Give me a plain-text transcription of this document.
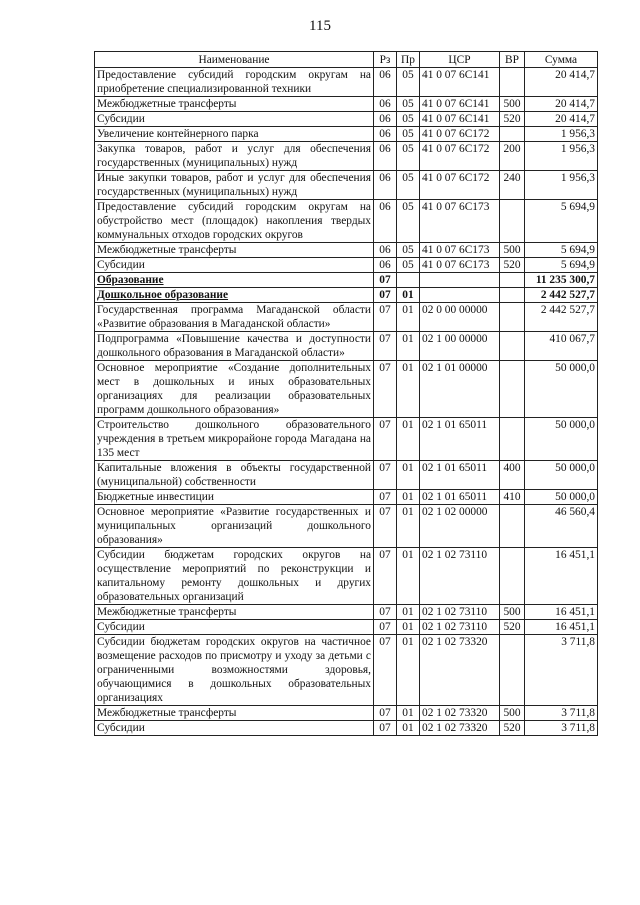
115
Наименование	Рз	Пр	ЦСР	ВР	Сумма
Предоставление субсидий городским округам на приобретение специализированной техники	06	05	41 0 07 6С141		20 414,7
Межбюджетные трансферты	06	05	41 0 07 6С141	500	20 414,7
Субсидии	06	05	41 0 07 6С141	520	20 414,7
Увеличение контейнерного парка	06	05	41 0 07 6С172		1 956,3
Закупка товаров, работ и услуг для обеспечения государственных (муниципальных) нужд	06	05	41 0 07 6С172	200	1 956,3
Иные закупки товаров, работ и услуг для обеспечения государственных (муниципальных) нужд	06	05	41 0 07 6С172	240	1 956,3
Предоставление субсидий городским округам на обустройство мест (площадок) накопления твердых коммунальных отходов городских округов	06	05	41 0 07 6С173		5 694,9
Межбюджетные трансферты	06	05	41 0 07 6С173	500	5 694,9
Субсидии	06	05	41 0 07 6С173	520	5 694,9
Образование	07				11 235 300,7
Дошкольное образование	07	01			2 442 527,7
Государственная программа Магаданской области «Развитие образования в Магаданской области»	07	01	02 0 00 00000		2 442 527,7
Подпрограмма «Повышение качества и доступности дошкольного образования в Магаданской области»	07	01	02 1 00 00000		410 067,7
Основное мероприятие «Создание дополнительных мест в дошкольных и иных образовательных организациях для реализации образовательных программ дошкольного образования»	07	01	02 1 01 00000		50 000,0
Строительство дошкольного образовательного учреждения в третьем микрорайоне города Магадана на 135 мест	07	01	02 1 01 65011		50 000,0
Капитальные вложения в объекты государственной (муниципальной) собственности	07	01	02 1 01 65011	400	50 000,0
Бюджетные инвестиции	07	01	02 1 01 65011	410	50 000,0
Основное мероприятие «Развитие государственных и муниципальных организаций дошкольного образования»	07	01	02 1 02 00000		46 560,4
Субсидии бюджетам городских округов на осуществление мероприятий по реконструкции и капитальному ремонту дошкольных и других образовательных организаций	07	01	02 1 02 73110		16 451,1
Межбюджетные трансферты	07	01	02 1 02 73110	500	16 451,1
Субсидии	07	01	02 1 02 73110	520	16 451,1
Субсидии бюджетам городских округов на частичное возмещение расходов по присмотру и уходу за детьми с ограниченными возможностями здоровья, обучающимися в дошкольных образовательных организациях	07	01	02 1 02 73320		3 711,8
Межбюджетные трансферты	07	01	02 1 02 73320	500	3 711,8
Субсидии	07	01	02 1 02 73320	520	3 711,8
